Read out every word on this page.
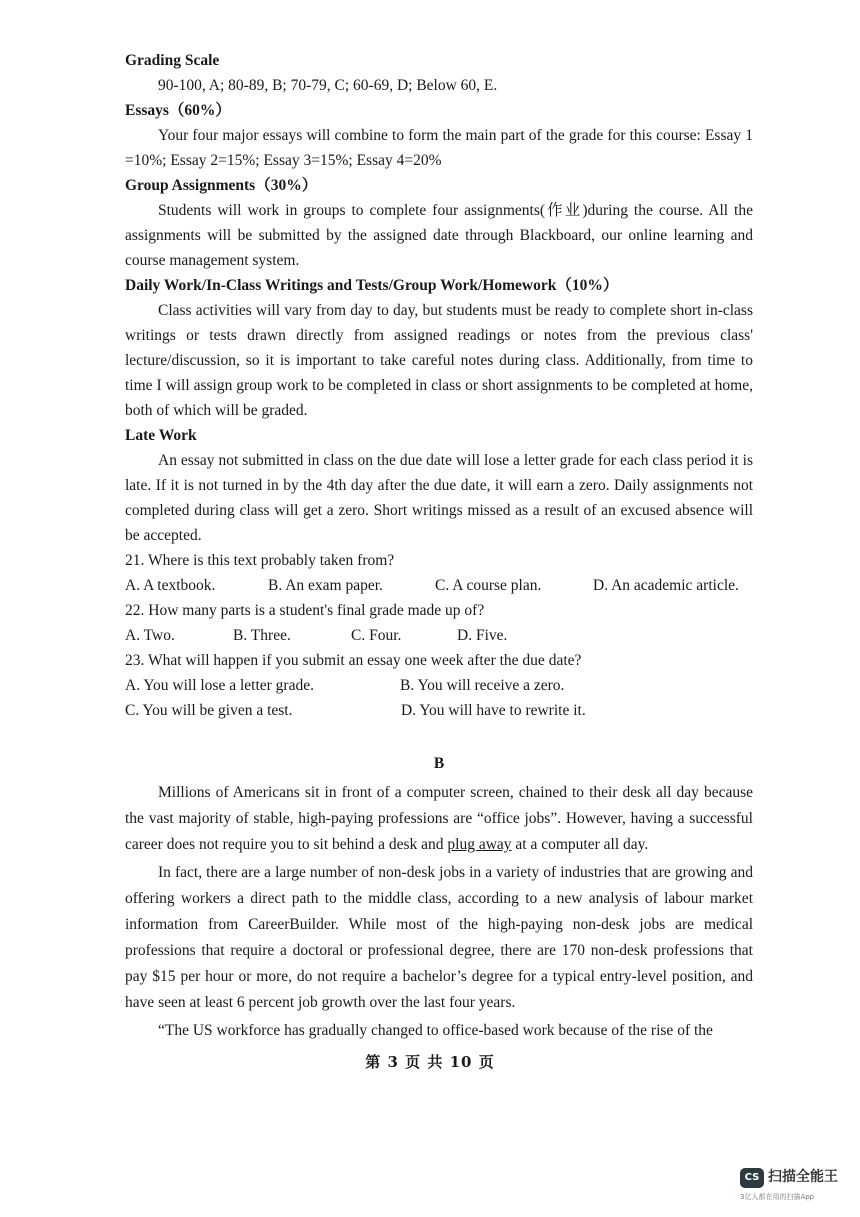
Grading Scale
90-100, A; 80-89, B; 70-79, C; 60-69, D; Below 60, E.
Essays（60%）
Your four major essays will combine to form the main part of the grade for this course: Essay 1 =10%; Essay 2=15%; Essay 3=15%; Essay 4=20%
Group Assignments（30%）
Students will work in groups to complete four assignments(作业)during the course. All the assignments will be submitted by the assigned date through Blackboard, our online learning and course management system.
Daily Work/In-Class Writings and Tests/Group Work/Homework（10%）
Class activities will vary from day to day, but students must be ready to complete short in-class writings or tests drawn directly from assigned readings or notes from the previous class' lecture/discussion, so it is important to take careful notes during class. Additionally, from time to time I will assign group work to be completed in class or short assignments to be completed at home, both of which will be graded.
Late Work
An essay not submitted in class on the due date will lose a letter grade for each class period it is late. If it is not turned in by the 4th day after the due date, it will earn a zero. Daily assignments not completed during class will get a zero. Short writings missed as a result of an excused absence will be accepted.
21. Where is this text probably taken from?
A. A textbook.	B. An exam paper.	C. A course plan.	D. An academic article.
22. How many parts is a student's final grade made up of?
A. Two.	B. Three.	C. Four.	D. Five.
23. What will happen if you submit an essay one week after the due date?
A. You will lose a letter grade.	B. You will receive a zero.
C. You will be given a test.	D. You will have to rewrite it.
B
Millions of Americans sit in front of a computer screen, chained to their desk all day because the vast majority of stable, high-paying professions are “office jobs”. However, having a successful career does not require you to sit behind a desk and plug away at a computer all day.
In fact, there are a large number of non-desk jobs in a variety of industries that are growing and offering workers a direct path to the middle class, according to a new analysis of labour market information from CareerBuilder. While most of the high-paying non-desk jobs are medical professions that require a doctoral or professional degree, there are 170 non-desk professions that pay $15 per hour or more, do not require a bachelor’s degree for a typical entry-level position, and have seen at least 6 percent job growth over the last four years.
“The US workforce has gradually changed to office-based work because of the rise of the
第 3 页 共 10 页
CS 扫描全能王
3亿人都在用的扫描App
